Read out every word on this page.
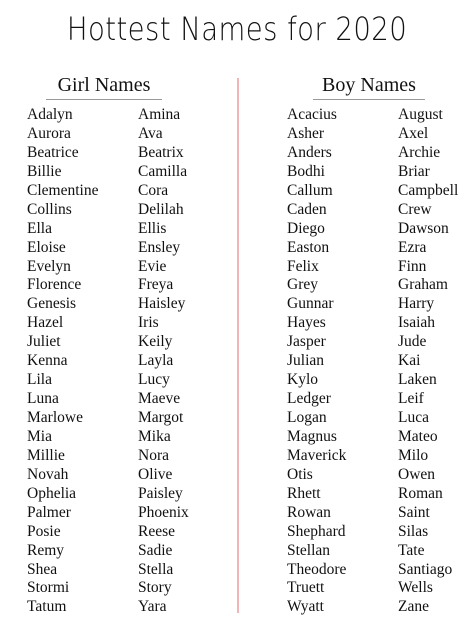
Hottest Names for 2020
Girl Names	Boy Names
Adalyn
Aurora
Beatrice
Billie
Clementine
Collins
Ella
Eloise
Evelyn
Florence
Genesis
Hazel
Juliet
Kenna
Lila
Luna
Marlowe
Mia
Millie
Novah
Ophelia
Palmer
Posie
Remy
Shea
Stormi
Tatum
Amina
Ava
Beatrix
Camilla
Cora
Delilah
Ellis
Ensley
Evie
Freya
Haisley
Iris
Keily
Layla
Lucy
Maeve
Margot
Mika
Nora
Olive
Paisley
Phoenix
Reese
Sadie
Stella
Story
Yara
Acacius
Asher
Anders
Bodhi
Callum
Caden
Diego
Easton
Felix
Grey
Gunnar
Hayes
Jasper
Julian
Kylo
Ledger
Logan
Magnus
Maverick
Otis
Rhett
Rowan
Shephard
Stellan
Theodore
Truett
Wyatt
August
Axel
Archie
Briar
Campbell
Crew
Dawson
Ezra
Finn
Graham
Harry
Isaiah
Jude
Kai
Laken
Leif
Luca
Mateo
Milo
Owen
Roman
Saint
Silas
Tate
Santiago
Wells
Zane
